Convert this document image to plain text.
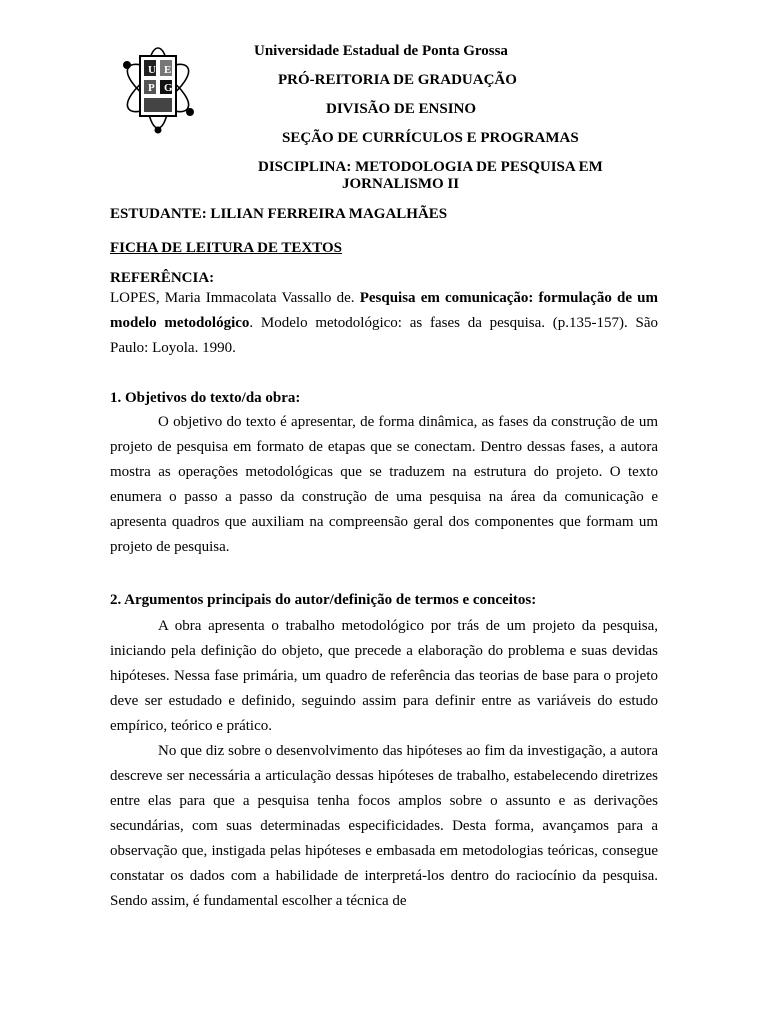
U E
P G
Universidade Estadual de Ponta Grossa
PRÓ-REITORIA DE GRADUAÇÃO
DIVISÃO DE ENSINO
SEÇÃO DE CURRÍCULOS E PROGRAMAS
DISCIPLINA: METODOLOGIA DE PESQUISA EM
JORNALISMO II
ESTUDANTE: LILIAN FERREIRA MAGALHÃES
FICHA DE LEITURA DE TEXTOS
REFERÊNCIA:

LOPES, Maria Immacolata Vassallo de. Pesquisa em comunicação: formulação de um modelo metodológico. Modelo metodológico: as fases da pesquisa. (p.135-157). São Paulo: Loyola. 1990.

1. Objetivos do texto/da obra:

O objetivo do texto é apresentar, de forma dinâmica, as fases da construção de um projeto de pesquisa em formato de etapas que se conectam. Dentro dessas fases, a autora mostra as operações metodológicas que se traduzem na estrutura do projeto. O texto enumera o passo a passo da construção de uma pesquisa na área da comunicação e apresenta quadros que auxiliam na compreensão geral dos componentes que formam um projeto de pesquisa.

2. Argumentos principais do autor/definição de termos e conceitos:

A obra apresenta o trabalho metodológico por trás de um projeto da pesquisa, iniciando pela definição do objeto, que precede a elaboração do problema e suas devidas hipóteses. Nessa fase primária, um quadro de referência das teorias de base para o projeto deve ser estudado e definido, seguindo assim para definir entre as variáveis do estudo empírico, teórico e prático.

No que diz sobre o desenvolvimento das hipóteses ao fim da investigação, a autora descreve ser necessária a articulação dessas hipóteses de trabalho, estabelecendo diretrizes entre elas para que a pesquisa tenha focos amplos sobre o assunto e as derivações secundárias, com suas determinadas especificidades. Desta forma, avançamos para a observação que, instigada pelas hipóteses e embasada em metodologias teóricas, consegue constatar os dados com a habilidade de interpretá-los dentro do raciocínio da pesquisa. Sendo assim, é fundamental escolher a técnica de
